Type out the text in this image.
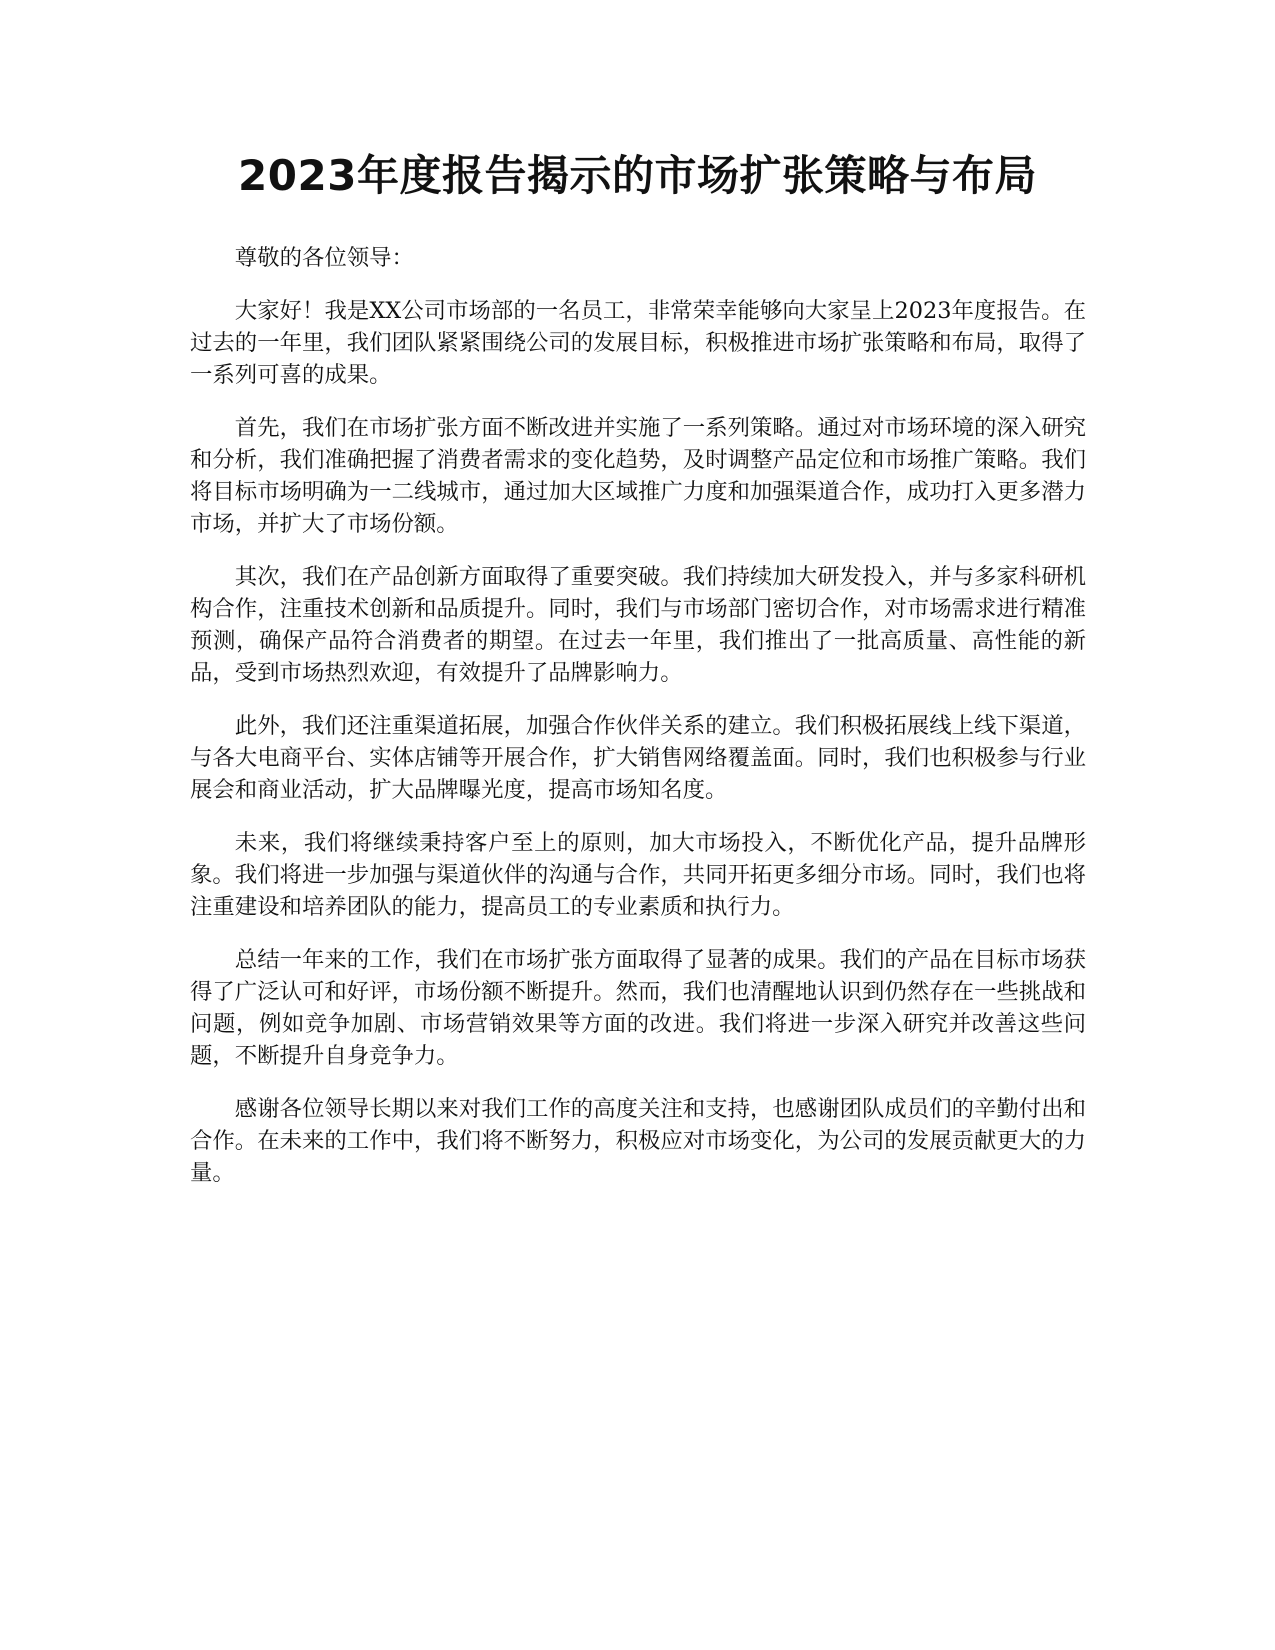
2023年度报告揭示的市场扩张策略与布局

尊敬的各位领导：

大家好！我是XX公司市场部的一名员工，非常荣幸能够向大家呈上2023年度报告。在过去的一年里，我们团队紧紧围绕公司的发展目标，积极推进市场扩张策略和布局，取得了一系列可喜的成果。

首先，我们在市场扩张方面不断改进并实施了一系列策略。通过对市场环境的深入研究和分析，我们准确把握了消费者需求的变化趋势，及时调整产品定位和市场推广策略。我们将目标市场明确为一二线城市，通过加大区域推广力度和加强渠道合作，成功打入更多潜力市场，并扩大了市场份额。

其次，我们在产品创新方面取得了重要突破。我们持续加大研发投入，并与多家科研机构合作，注重技术创新和品质提升。同时，我们与市场部门密切合作，对市场需求进行精准预测，确保产品符合消费者的期望。在过去一年里，我们推出了一批高质量、高性能的新品，受到市场热烈欢迎，有效提升了品牌影响力。

此外，我们还注重渠道拓展，加强合作伙伴关系的建立。我们积极拓展线上线下渠道，与各大电商平台、实体店铺等开展合作，扩大销售网络覆盖面。同时，我们也积极参与行业展会和商业活动，扩大品牌曝光度，提高市场知名度。

未来，我们将继续秉持客户至上的原则，加大市场投入，不断优化产品，提升品牌形象。我们将进一步加强与渠道伙伴的沟通与合作，共同开拓更多细分市场。同时，我们也将注重建设和培养团队的能力，提高员工的专业素质和执行力。

总结一年来的工作，我们在市场扩张方面取得了显著的成果。我们的产品在目标市场获得了广泛认可和好评，市场份额不断提升。然而，我们也清醒地认识到仍然存在一些挑战和问题，例如竞争加剧、市场营销效果等方面的改进。我们将进一步深入研究并改善这些问题，不断提升自身竞争力。

感谢各位领导长期以来对我们工作的高度关注和支持，也感谢团队成员们的辛勤付出和合作。在未来的工作中，我们将不断努力，积极应对市场变化，为公司的发展贡献更大的力量。
